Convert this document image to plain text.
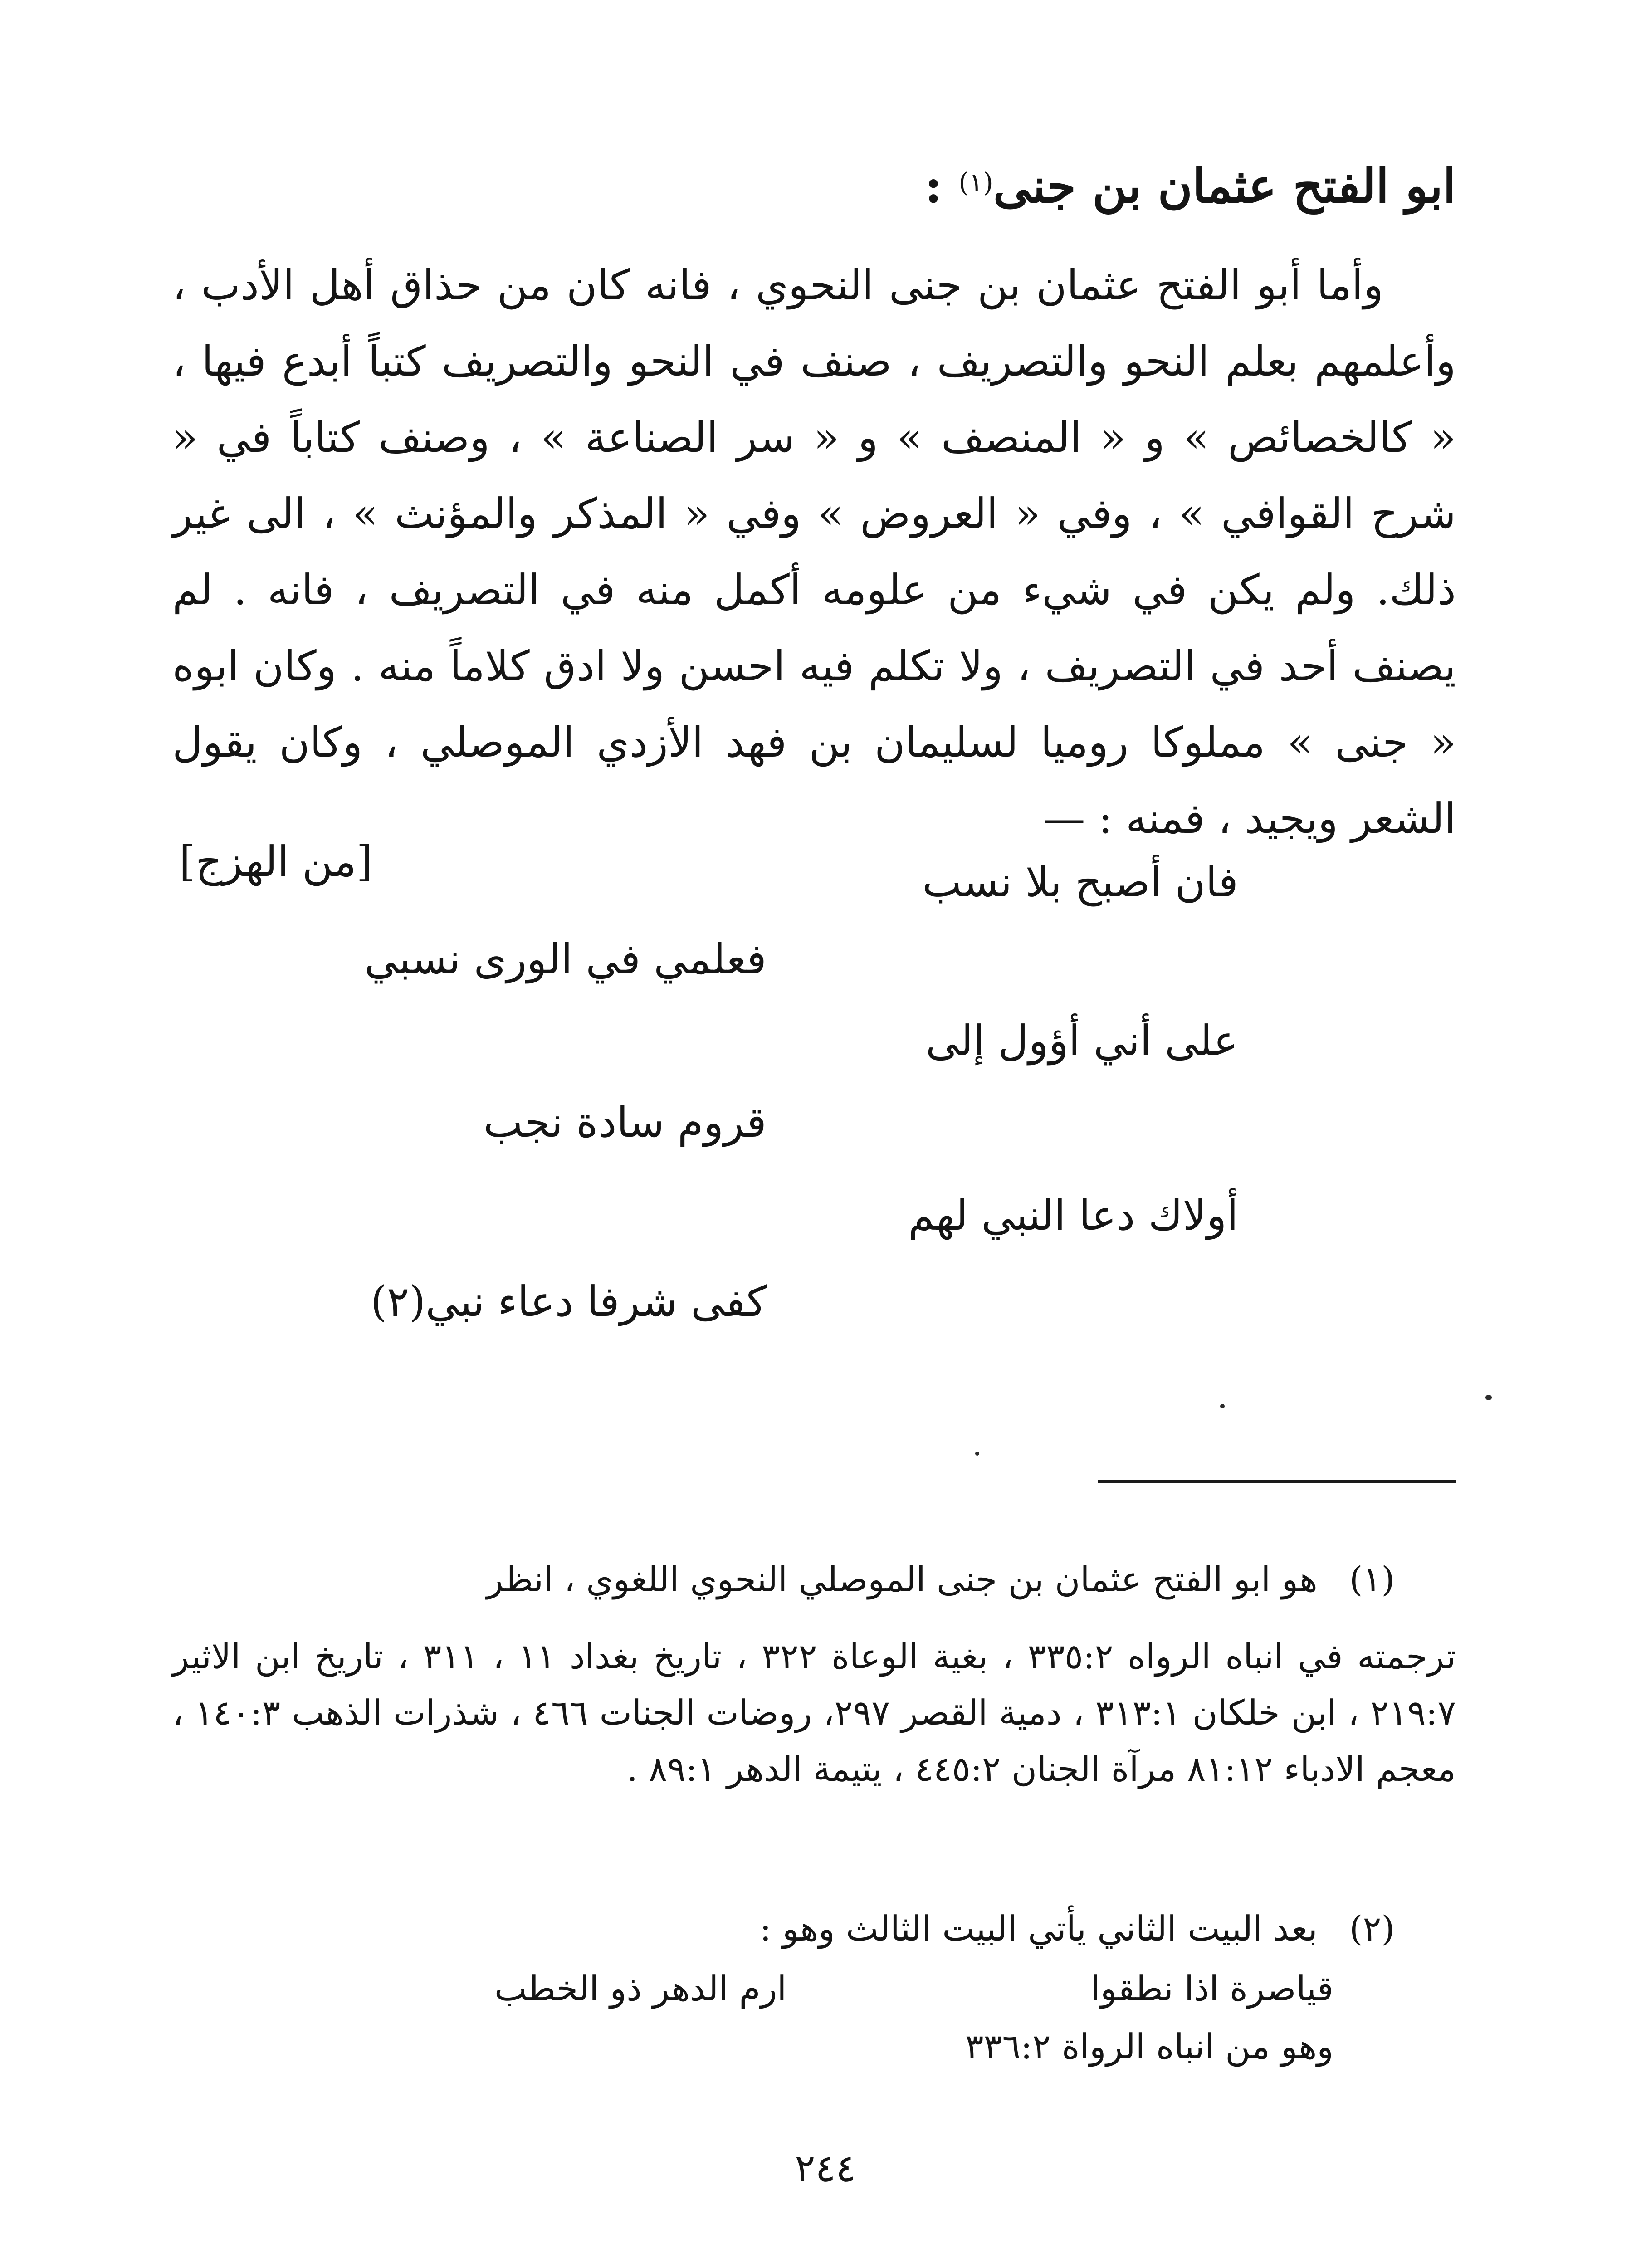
ابو الفتح عثمان بن جنى$^{(١)}$ :

وأما أبو الفتح عثمان بن جنى النحوي ، فانه كان من حذاق أهل الأدب ، وأعلمهم بعلم النحو والتصريف ، صنف في النحو والتصريف كتباً أبدع فيها ، « كالخصائص » و « المنصف » و « سر الصناعة » ، وصنف كتاباً في « شرح القوافي » ، وفي « العروض » وفي « المذكر والمؤنث » ، الى غير ذلك. ولم يكن في شيء من علومه أكمل منه في التصريف ، فانه . لم يصنف أحد في التصريف ، ولا تكلم فيه احسن ولا ادق كلاماً منه . وكان ابوه « جنى » مملوكا روميا لسليمان بن فهد الأزدي الموصلي ، وكان يقول الشعر ويجيد ، فمنه : —

[من الهزج]	فان أصبح بلا نسب
فعلمي في الورى نسبي
على أني أؤول إلى
قروم سادة نجب
أولاك دعا النبي لهم
كفى شرفا دعاء نبي(٢)
(١)هو ابو الفتح عثمان بن جنى الموصلي النحوي اللغوي ، انظر
ترجمته في انباه الرواه ٣٣٥:٢ ، بغية الوعاة ٣٢٢ ، تاريخ بغداد ١١ ، ٣١١ ، تاريخ ابن الاثير ٢١٩:٧ ، ابن خلكان ٣١٣:١ ، دمية القصر ٢٩٧، روضات الجنات ٤٦٦ ، شذرات الذهب ١٤٠:٣ ، معجم الادباء ٨١:١٢ مرآة الجنان ٤٤٥:٢ ، يتيمة الدهر ٨٩:١ .
(٢)بعد البيت الثاني يأتي البيت الثالث وهو :
قياصرة اذا نطقوا
ارم الدهر ذو الخطب
وهو من انباه الرواة ٣٣٦:٢
٢٤٤
